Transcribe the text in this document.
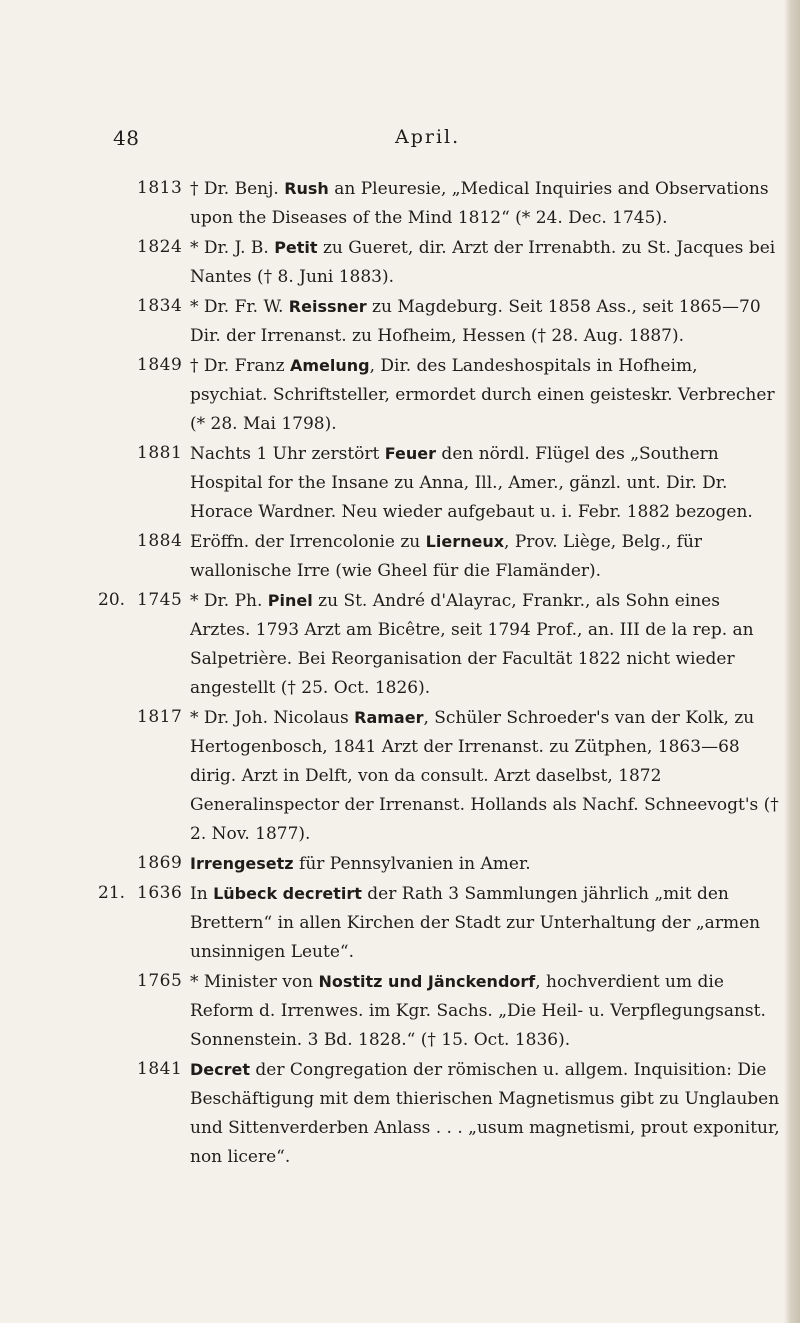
48	April.

1813 † Dr. Benj. Rush an Pleuresie, „Medical Inquiries and Observations upon the Diseases of the Mind 1812“ (* 24. Dec. 1745).

1824 * Dr. J. B. Petit zu Gueret, dir. Arzt der Irrenabth. zu St. Jacques bei Nantes († 8. Juni 1883).

1834 * Dr. Fr. W. Reissner zu Magdeburg. Seit 1858 Ass., seit 1865—70 Dir. der Irrenanst. zu Hofheim, Hessen († 28. Aug. 1887).

1849 † Dr. Franz Amelung, Dir. des Landeshospitals in Hofheim, psychiat. Schriftsteller, ermordet durch einen geisteskr. Verbrecher (* 28. Mai 1798).

1881 Nachts 1 Uhr zerstört Feuer den nördl. Flügel des „Southern Hospital for the Insane zu Anna, Ill., Amer., gänzl. unt. Dir. Dr. Horace Wardner. Neu wieder aufgebaut u. i. Febr. 1882 bezogen.

1884 Eröffn. der Irrencolonie zu Lierneux, Prov. Liège, Belg., für wallonische Irre (wie Gheel für die Flamänder).

20. 1745 * Dr. Ph. Pinel zu St. André d'Alayrac, Frankr., als Sohn eines Arztes. 1793 Arzt am Bicêtre, seit 1794 Prof., an. III de la rep. an Salpetrière. Bei Reorganisation der Facultät 1822 nicht wieder angestellt († 25. Oct. 1826).

1817 * Dr. Joh. Nicolaus Ramaer, Schüler Schroeder's van der Kolk, zu Hertogenbosch, 1841 Arzt der Irrenanst. zu Zütphen, 1863—68 dirig. Arzt in Delft, von da consult. Arzt daselbst, 1872 Generalinspector der Irrenanst. Hollands als Nachf. Schneevogt's († 2. Nov. 1877).

1869 Irrengesetz für Pennsylvanien in Amer.

21. 1636 In Lübeck decretirt der Rath 3 Sammlungen jährlich „mit den Brettern“ in allen Kirchen der Stadt zur Unterhaltung der „armen unsinnigen Leute“.

1765 * Minister von Nostitz und Jänckendorf, hochverdient um die Reform d. Irrenwes. im Kgr. Sachs. „Die Heil- u. Verpflegungsanst. Sonnenstein. 3 Bd. 1828.“ († 15. Oct. 1836).

1841 Decret der Congregation der römischen u. allgem. Inquisition: Die Beschäftigung mit dem thierischen Magnetismus gibt zu Unglauben und Sittenverderben Anlass . . . „usum magnetismi, prout exponitur, non licere“.
